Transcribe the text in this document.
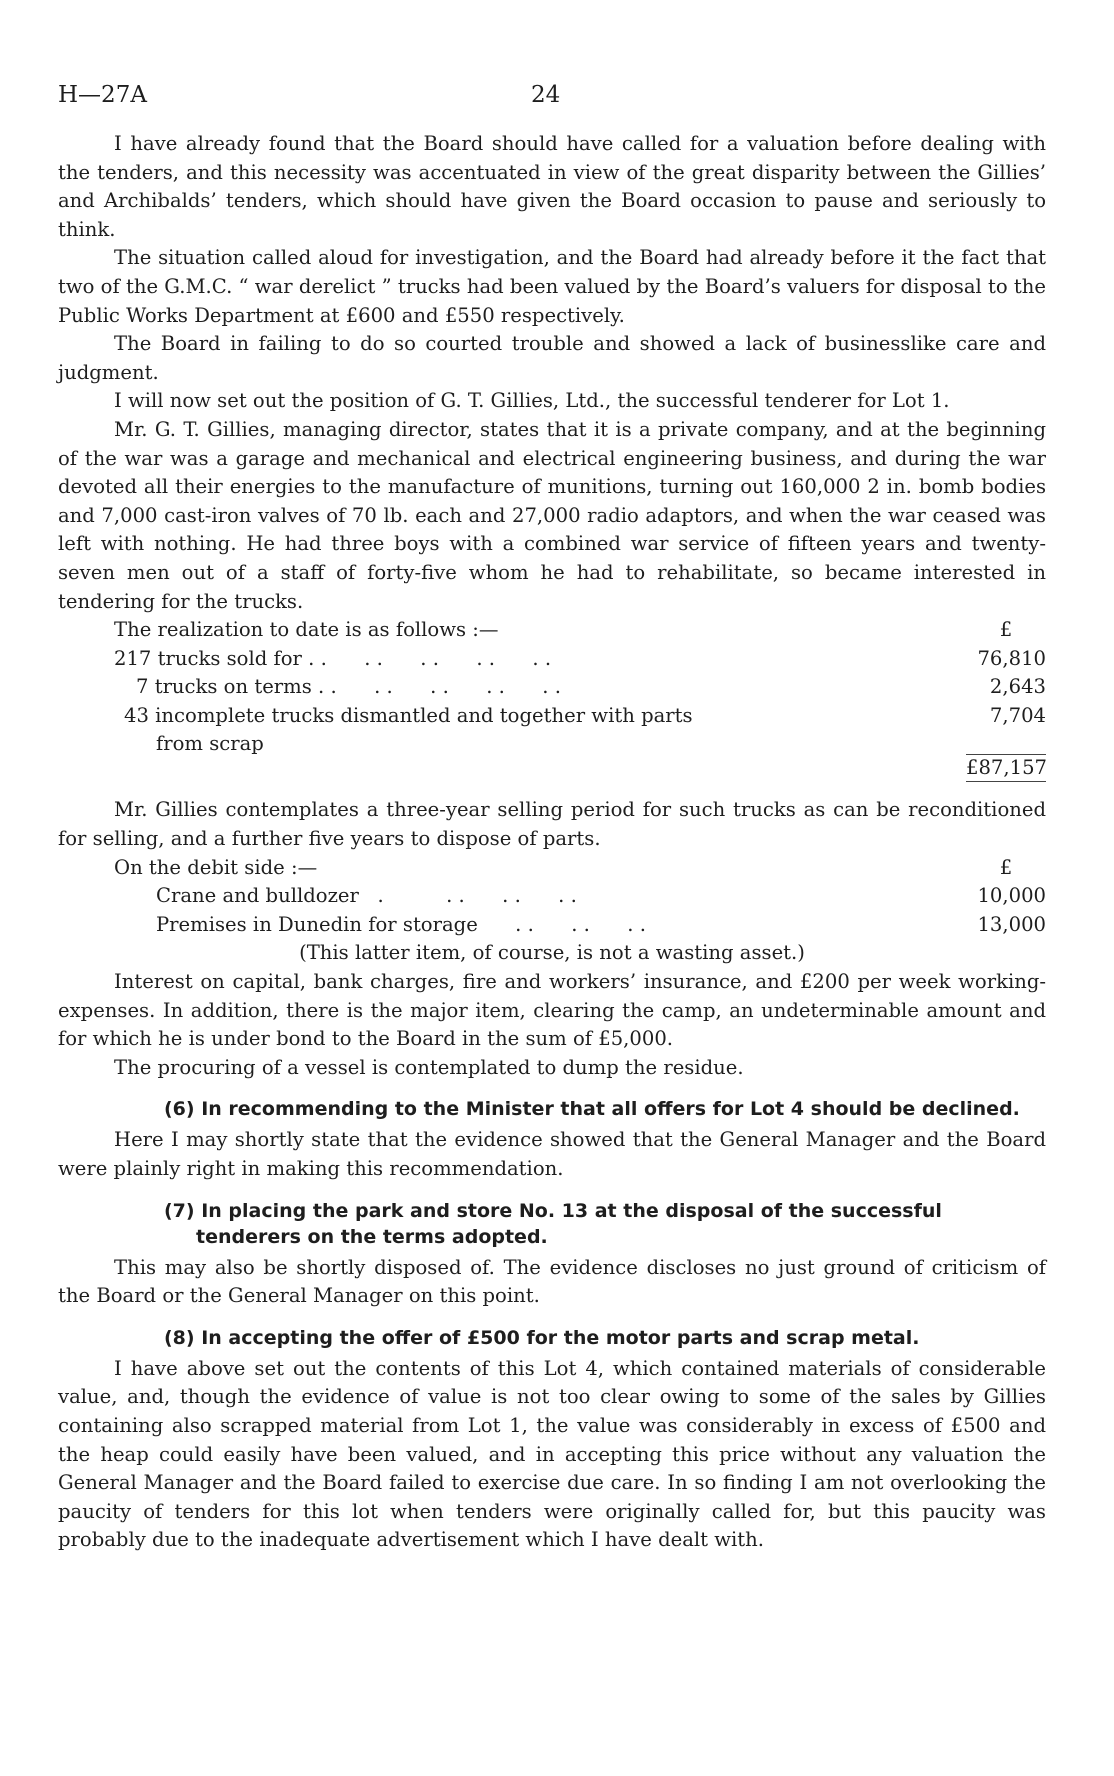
H—27A	24

I have already found that the Board should have called for a valuation before dealing with the tenders, and this necessity was accentuated in view of the great disparity between the Gillies’ and Archibalds’ tenders, which should have given the Board occasion to pause and seriously to think.

The situation called aloud for investigation, and the Board had already before it the fact that two of the G.M.C. “ war derelict ” trucks had been valued by the Board’s valuers for disposal to the Public Works Department at £600 and £550 respectively.

The Board in failing to do so courted trouble and showed a lack of businesslike care and judgment.

I will now set out the position of G. T. Gillies, Ltd., the successful tenderer for Lot 1.

Mr. G. T. Gillies, managing director, states that it is a private company, and at the beginning of the war was a garage and mechanical and electrical engineering business, and during the war devoted all their energies to the manufacture of munitions, turning out 160,000 2 in. bomb bodies and 7,000 cast-iron valves of 70 lb. each and 27,000 radio adaptors, and when the war ceased was left with nothing. He had three boys with a combined war service of fifteen years and twenty-seven men out of a staff of forty-five whom he had to rehabilitate, so became interested in tendering for the trucks.

The realization to date is as follows :—	£
217 trucks sold for . .      . .      . .      . .      . .	76,810
7 trucks on terms . .      . .      . .      . .      . .	2,643
43 incomplete trucks dismantled and together with parts	7,704
from scrap
£87,157

Mr. Gillies contemplates a three-year selling period for such trucks as can be reconditioned for selling, and a further five years to dispose of parts.

On the debit side :—	£
Crane and bulldozer   .          . .      . .      . .	10,000
Premises in Dunedin for storage      . .      . .      . .	13,000
(This latter item, of course, is not a wasting asset.)

Interest on capital, bank charges, fire and workers’ insurance, and £200 per week working-expenses. In addition, there is the major item, clearing the camp, an undeterminable amount and for which he is under bond to the Board in the sum of £5,000.

The procuring of a vessel is contemplated to dump the residue.

(6) In recommending to the Minister that all offers for Lot 4 should be declined.

Here I may shortly state that the evidence showed that the General Manager and the Board were plainly right in making this recommendation.

(7) In placing the park and store No. 13 at the disposal of the successful tenderers on the terms adopted.

This may also be shortly disposed of. The evidence discloses no just ground of criticism of the Board or the General Manager on this point.

(8) In accepting the offer of £500 for the motor parts and scrap metal.

I have above set out the contents of this Lot 4, which contained materials of considerable value, and, though the evidence of value is not too clear owing to some of the sales by Gillies containing also scrapped material from Lot 1, the value was considerably in excess of £500 and the heap could easily have been valued, and in accepting this price without any valuation the General Manager and the Board failed to exercise due care. In so finding I am not overlooking the paucity of tenders for this lot when tenders were originally called for, but this paucity was probably due to the inadequate advertisement which I have dealt with.
